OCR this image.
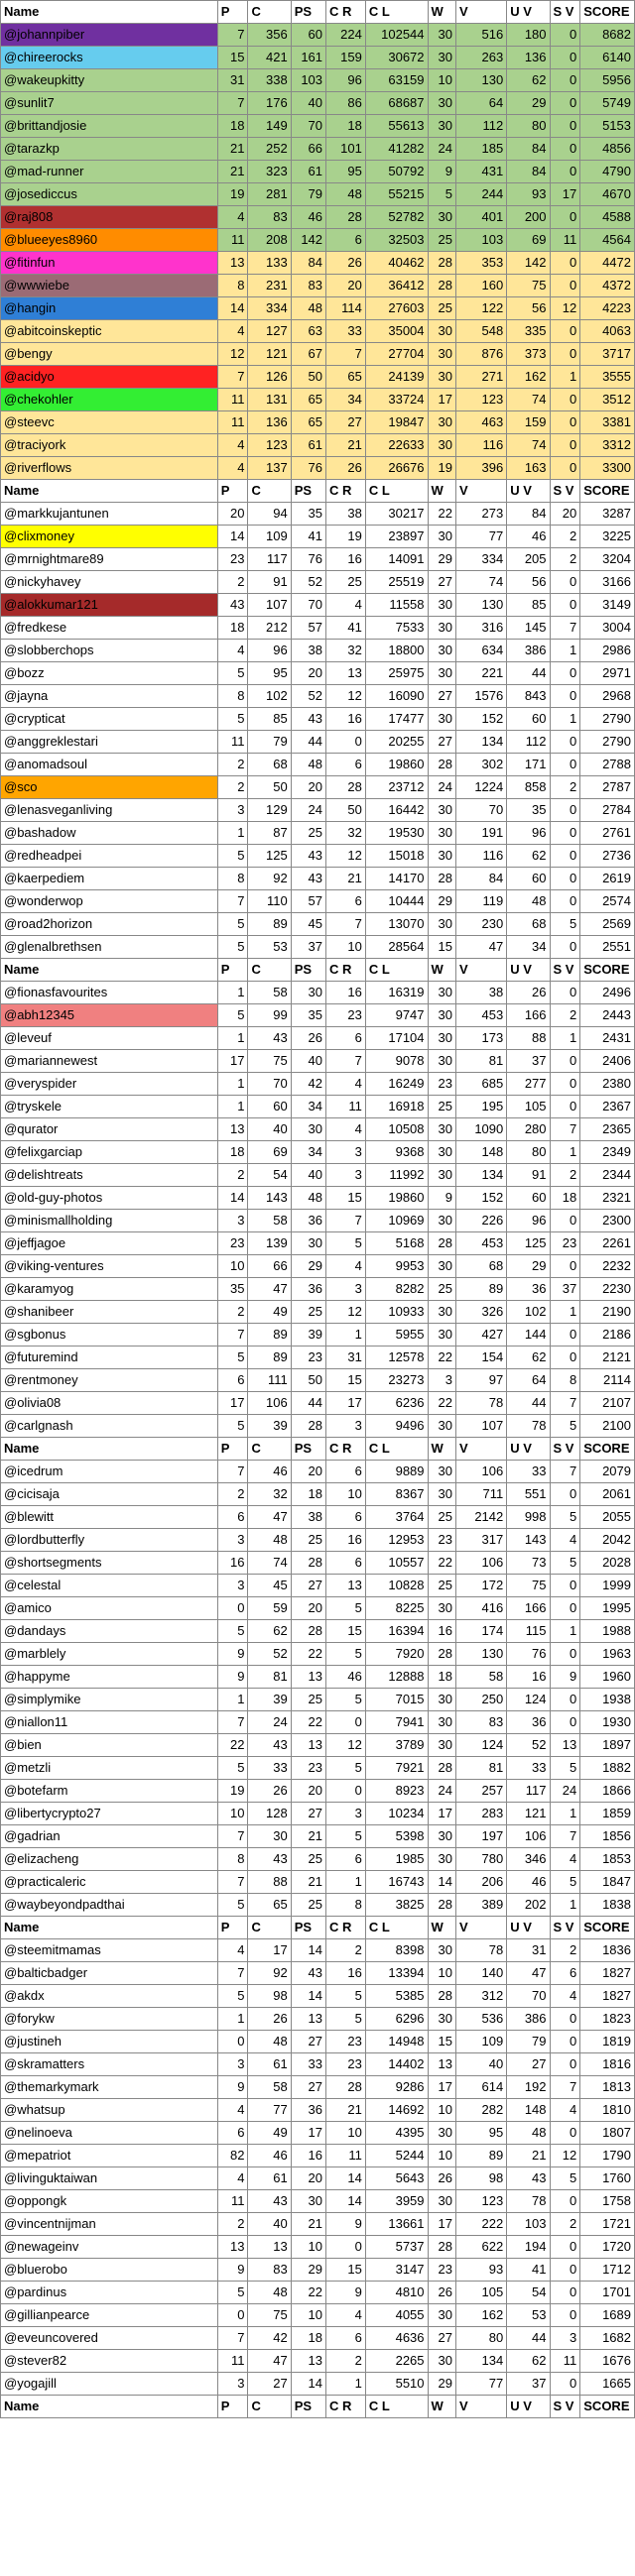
Name	P	C	PS	C R	C L	W	V	U V	S V	SCORE
@johannpiber	7	356	60	224	102544	30	516	180	0	8682
@chireerocks	15	421	161	159	30672	30	263	136	0	6140
@wakeupkitty	31	338	103	96	63159	10	130	62	0	5956
@sunlit7	7	176	40	86	68687	30	64	29	0	5749
@brittandjosie	18	149	70	18	55613	30	112	80	0	5153
@tarazkp	21	252	66	101	41282	24	185	84	0	4856
@mad-runner	21	323	61	95	50792	9	431	84	0	4790
@josediccus	19	281	79	48	55215	5	244	93	17	4670
@raj808	4	83	46	28	52782	30	401	200	0	4588
@blueeyes8960	11	208	142	6	32503	25	103	69	11	4564
@fitinfun	13	133	84	26	40462	28	353	142	0	4472
@wwwiebe	8	231	83	20	36412	28	160	75	0	4372
@hangin	14	334	48	114	27603	25	122	56	12	4223
@abitcoinskeptic	4	127	63	33	35004	30	548	335	0	4063
@bengy	12	121	67	7	27704	30	876	373	0	3717
@acidyo	7	126	50	65	24139	30	271	162	1	3555
@chekohler	11	131	65	34	33724	17	123	74	0	3512
@steevc	11	136	65	27	19847	30	463	159	0	3381
@traciyork	4	123	61	21	22633	30	116	74	0	3312
@riverflows	4	137	76	26	26676	19	396	163	0	3300
Name	P	C	PS	C R	C L	W	V	U V	S V	SCORE
@markkujantunen	20	94	35	38	30217	22	273	84	20	3287
@clixmoney	14	109	41	19	23897	30	77	46	2	3225
@mrnightmare89	23	117	76	16	14091	29	334	205	2	3204
@nickyhavey	2	91	52	25	25519	27	74	56	0	3166
@alokkumar121	43	107	70	4	11558	30	130	85	0	3149
@fredkese	18	212	57	41	7533	30	316	145	7	3004
@slobberchops	4	96	38	32	18800	30	634	386	1	2986
@bozz	5	95	20	13	25975	30	221	44	0	2971
@jayna	8	102	52	12	16090	27	1576	843	0	2968
@crypticat	5	85	43	16	17477	30	152	60	1	2790
@anggreklestari	11	79	44	0	20255	27	134	112	0	2790
@anomadsoul	2	68	48	6	19860	28	302	171	0	2788
@sco	2	50	20	28	23712	24	1224	858	2	2787
@lenasveganliving	3	129	24	50	16442	30	70	35	0	2784
@bashadow	1	87	25	32	19530	30	191	96	0	2761
@redheadpei	5	125	43	12	15018	30	116	62	0	2736
@kaerpediem	8	92	43	21	14170	28	84	60	0	2619
@wonderwop	7	110	57	6	10444	29	119	48	0	2574
@road2horizon	5	89	45	7	13070	30	230	68	5	2569
@glenalbrethsen	5	53	37	10	28564	15	47	34	0	2551
Name	P	C	PS	C R	C L	W	V	U V	S V	SCORE
@fionasfavourites	1	58	30	16	16319	30	38	26	0	2496
@abh12345	5	99	35	23	9747	30	453	166	2	2443
@leveuf	1	43	26	6	17104	30	173	88	1	2431
@mariannewest	17	75	40	7	9078	30	81	37	0	2406
@veryspider	1	70	42	4	16249	23	685	277	0	2380
@tryskele	1	60	34	11	16918	25	195	105	0	2367
@qurator	13	40	30	4	10508	30	1090	280	7	2365
@felixgarciap	18	69	34	3	9368	30	148	80	1	2349
@delishtreats	2	54	40	3	11992	30	134	91	2	2344
@old-guy-photos	14	143	48	15	19860	9	152	60	18	2321
@minismallholding	3	58	36	7	10969	30	226	96	0	2300
@jeffjagoe	23	139	30	5	5168	28	453	125	23	2261
@viking-ventures	10	66	29	4	9953	30	68	29	0	2232
@karamyog	35	47	36	3	8282	25	89	36	37	2230
@shanibeer	2	49	25	12	10933	30	326	102	1	2190
@sgbonus	7	89	39	1	5955	30	427	144	0	2186
@futuremind	5	89	23	31	12578	22	154	62	0	2121
@rentmoney	6	111	50	15	23273	3	97	64	8	2114
@olivia08	17	106	44	17	6236	22	78	44	7	2107
@carlgnash	5	39	28	3	9496	30	107	78	5	2100
Name	P	C	PS	C R	C L	W	V	U V	S V	SCORE
@icedrum	7	46	20	6	9889	30	106	33	7	2079
@cicisaja	2	32	18	10	8367	30	711	551	0	2061
@blewitt	6	47	38	6	3764	25	2142	998	5	2055
@lordbutterfly	3	48	25	16	12953	23	317	143	4	2042
@shortsegments	16	74	28	6	10557	22	106	73	5	2028
@celestal	3	45	27	13	10828	25	172	75	0	1999
@amico	0	59	20	5	8225	30	416	166	0	1995
@dandays	5	62	28	15	16394	16	174	115	1	1988
@marblely	9	52	22	5	7920	28	130	76	0	1963
@happyme	9	81	13	46	12888	18	58	16	9	1960
@simplymike	1	39	25	5	7015	30	250	124	0	1938
@niallon11	7	24	22	0	7941	30	83	36	0	1930
@bien	22	43	13	12	3789	30	124	52	13	1897
@metzli	5	33	23	5	7921	28	81	33	5	1882
@botefarm	19	26	20	0	8923	24	257	117	24	1866
@libertycrypto27	10	128	27	3	10234	17	283	121	1	1859
@gadrian	7	30	21	5	5398	30	197	106	7	1856
@elizacheng	8	43	25	6	1985	30	780	346	4	1853
@practicaleric	7	88	21	1	16743	14	206	46	5	1847
@waybeyondpadthai	5	65	25	8	3825	28	389	202	1	1838
Name	P	C	PS	C R	C L	W	V	U V	S V	SCORE
@steemitmamas	4	17	14	2	8398	30	78	31	2	1836
@balticbadger	7	92	43	16	13394	10	140	47	6	1827
@akdx	5	98	14	5	5385	28	312	70	4	1827
@forykw	1	26	13	5	6296	30	536	386	0	1823
@justineh	0	48	27	23	14948	15	109	79	0	1819
@skramatters	3	61	33	23	14402	13	40	27	0	1816
@themarkymark	9	58	27	28	9286	17	614	192	7	1813
@whatsup	4	77	36	21	14692	10	282	148	4	1810
@nelinoeva	6	49	17	10	4395	30	95	48	0	1807
@mepatriot	82	46	16	11	5244	10	89	21	12	1790
@livinguktaiwan	4	61	20	14	5643	26	98	43	5	1760
@oppongk	11	43	30	14	3959	30	123	78	0	1758
@vincentnijman	2	40	21	9	13661	17	222	103	2	1721
@newageinv	13	13	10	0	5737	28	622	194	0	1720
@bluerobo	9	83	29	15	3147	23	93	41	0	1712
@pardinus	5	48	22	9	4810	26	105	54	0	1701
@gillianpearce	0	75	10	4	4055	30	162	53	0	1689
@eveuncovered	7	42	18	6	4636	27	80	44	3	1682
@stever82	11	47	13	2	2265	30	134	62	11	1676
@yogajill	3	27	14	1	5510	29	77	37	0	1665
Name	P	C	PS	C R	C L	W	V	U V	S V	SCORE
